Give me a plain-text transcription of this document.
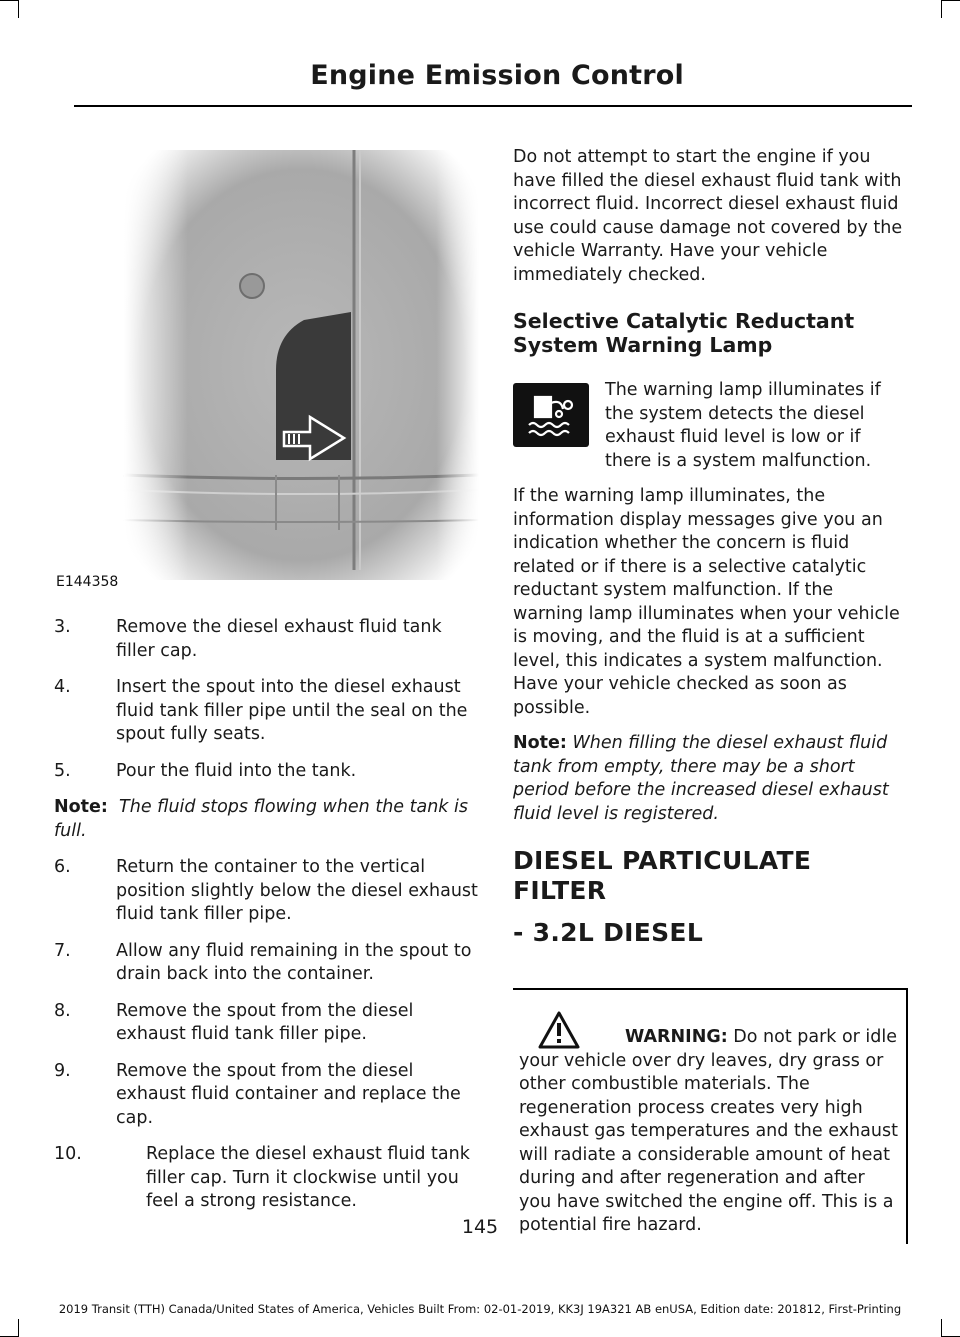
Engine Emission Control
E144358
3.	Remove the diesel exhaust fluid tank filler cap.
4.	Insert the spout into the diesel exhaust fluid tank filler pipe until the seal on the spout fully seats.
5.	Pour the fluid into the tank.
Note: The fluid stops flowing when the tank is full.
6.	Return the container to the vertical position slightly below the diesel exhaust fluid tank filler pipe.
7.	Allow any fluid remaining in the spout to drain back into the container.
8.	Remove the spout from the diesel exhaust fluid tank filler pipe.
9.	Remove the spout from the diesel exhaust fluid container and replace the cap.
10.	Replace the diesel exhaust fluid tank filler cap. Turn it clockwise until you feel a strong resistance.

Do not attempt to start the engine if you have filled the diesel exhaust fluid tank with incorrect fluid. Incorrect diesel exhaust fluid use could cause damage not covered by the vehicle Warranty. Have your vehicle immediately checked.

Selective Catalytic Reductant System Warning Lamp
The warning lamp illuminates if the system detects the diesel exhaust fluid level is low or if there is a system malfunction.

If the warning lamp illuminates, the information display messages give you an indication whether the concern is fluid related or if there is a selective catalytic reductant system malfunction. If the warning lamp illuminates when your vehicle is moving, and the fluid is at a sufficient level, this indicates a system malfunction. Have your vehicle checked as soon as possible.

Note: When filling the diesel exhaust fluid tank from empty, there may be a short period before the increased diesel exhaust fluid level is registered.

DIESEL PARTICULATE FILTER
- 3.2L DIESEL
WARNING: Do not park or idle your vehicle over dry leaves, dry grass or other combustible materials. The regeneration process creates very high exhaust gas temperatures and the exhaust will radiate a considerable amount of heat during and after regeneration and after you have switched the engine off. This is a potential fire hazard.
145
2019 Transit (TTH) Canada/United States of America, Vehicles Built From: 02-01-2019, KK3J 19A321 AB enUSA, Edition date: 201812, First-Printing
